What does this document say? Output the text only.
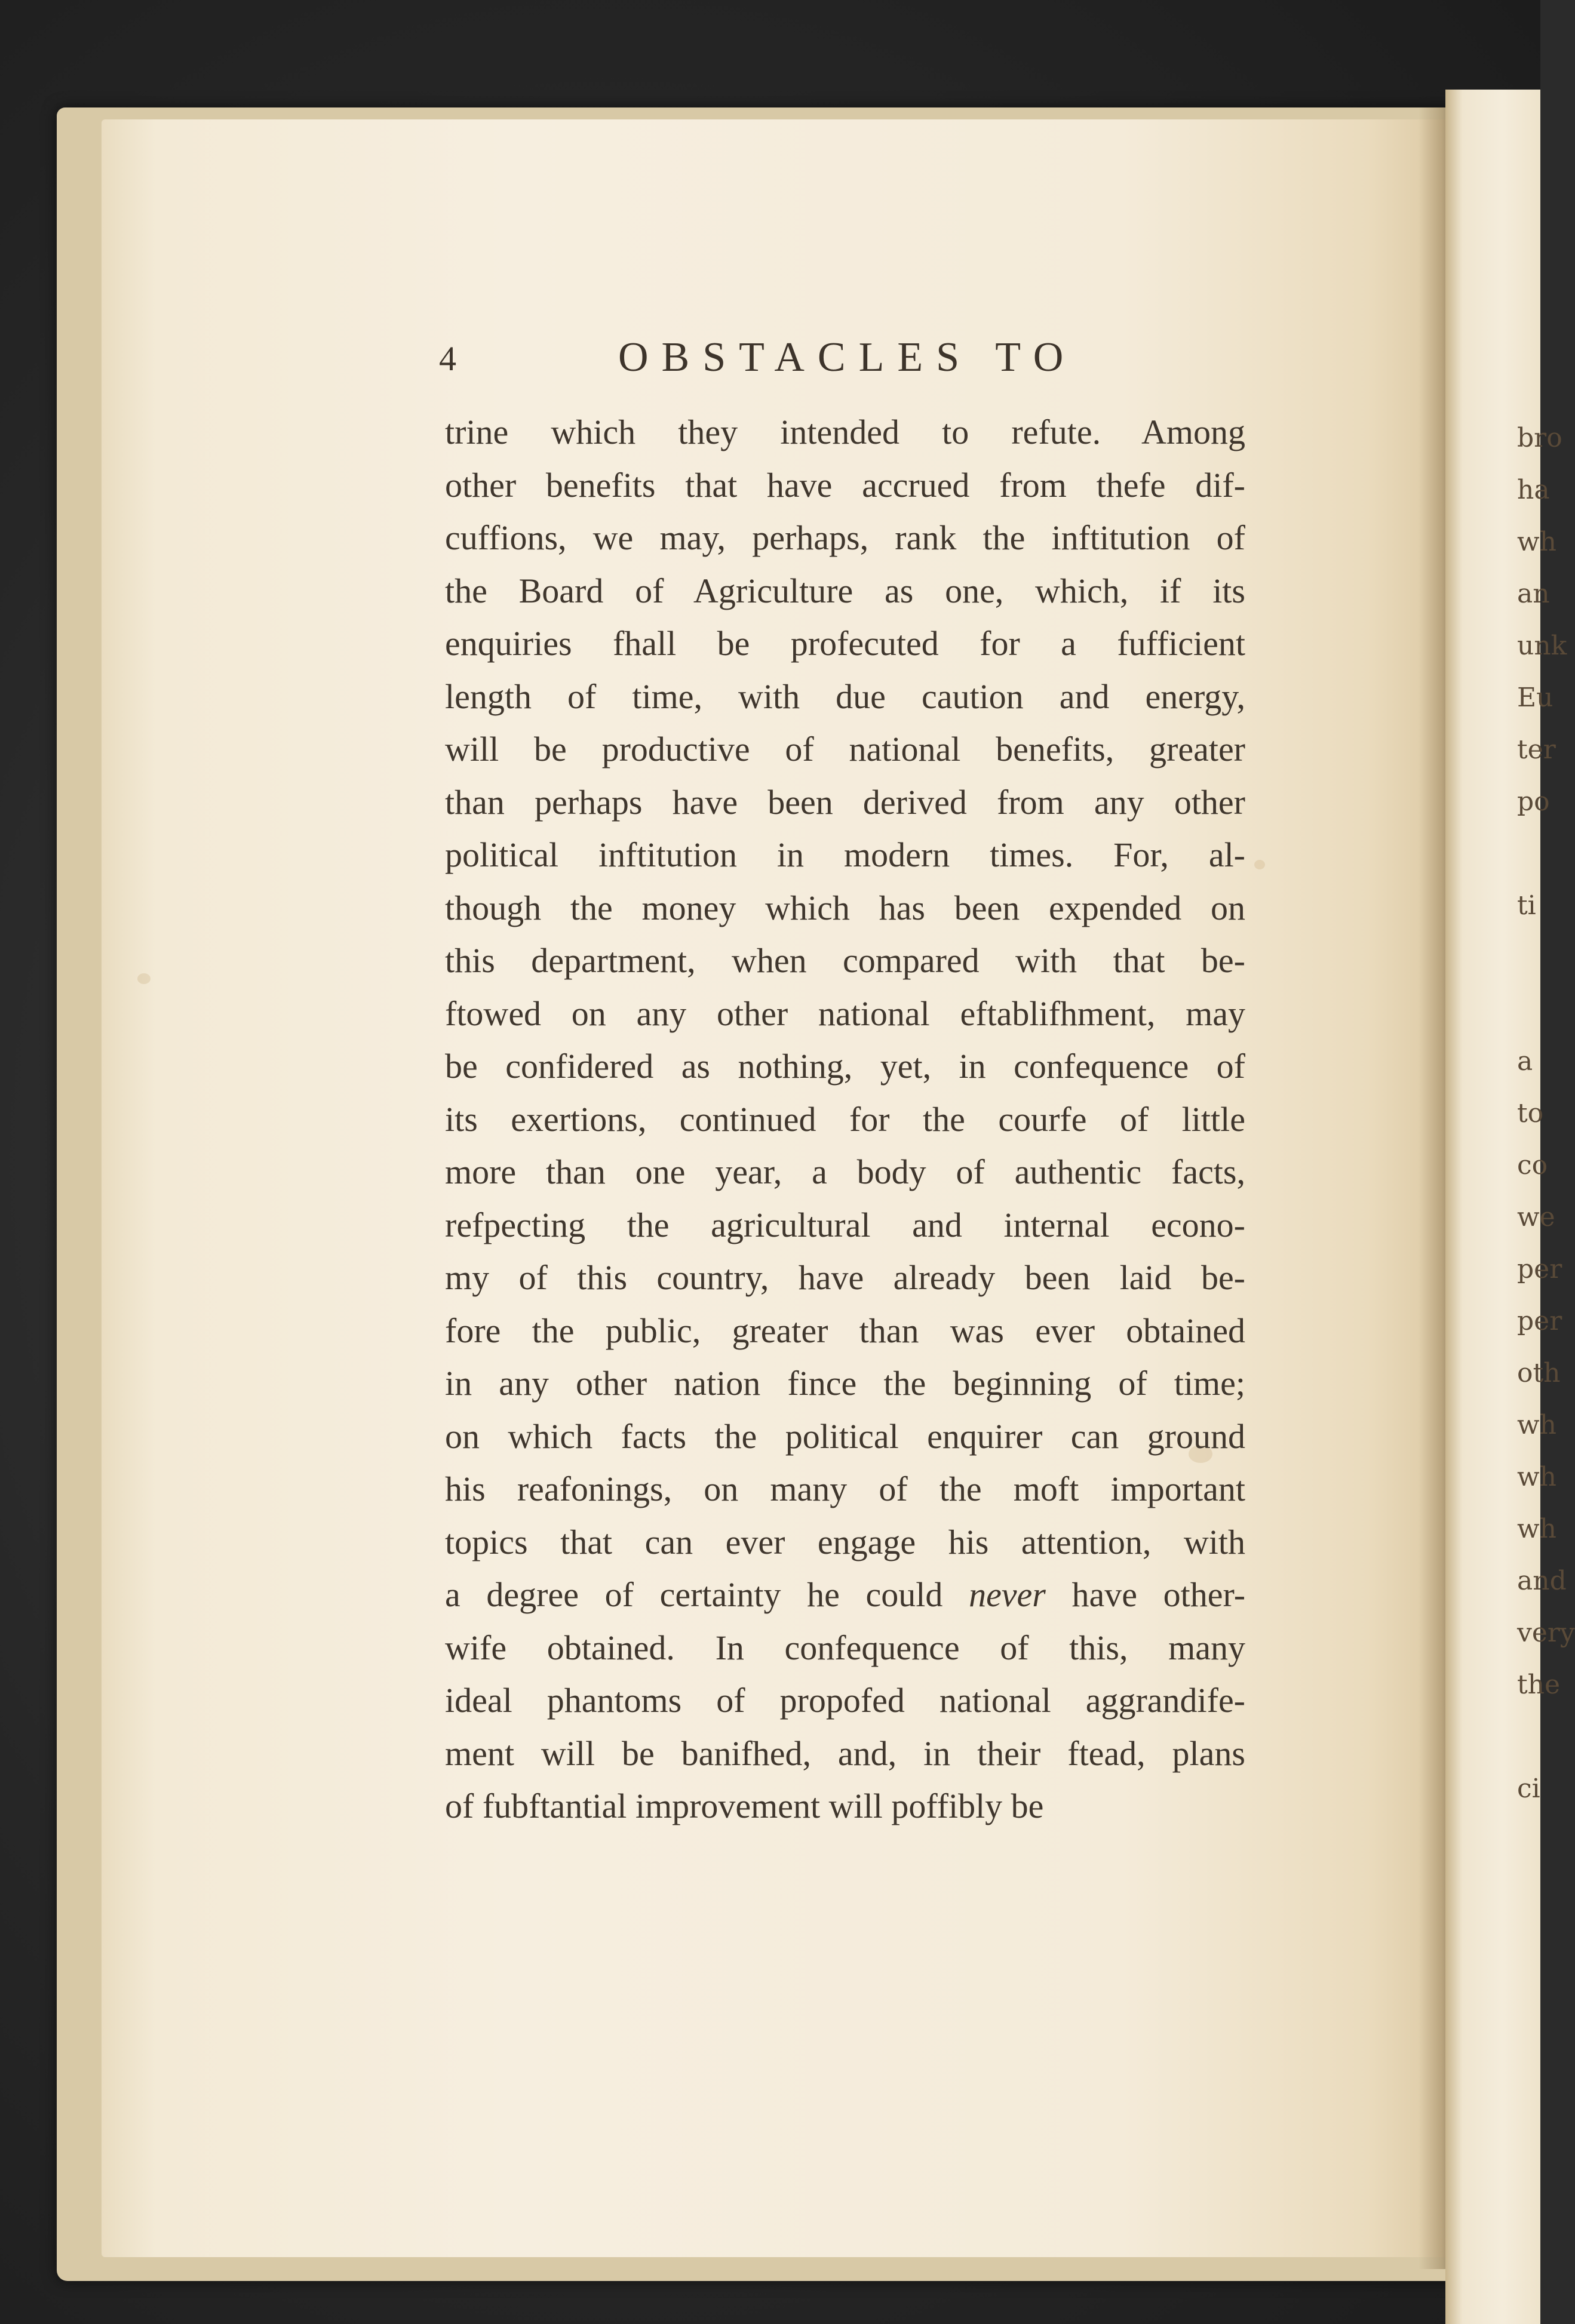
bro
ha
wh
an
unk
Eu
ter
po
ti
a
to
co
we
per
per
oth
wh
wh
wh
and
very
the
ci
4	OBSTACLES TO
trine which they intended to refute. Among
other benefits that have accrued from thefe dif-
cuffions, we may, perhaps, rank the inftitution of
the Board of Agriculture as one, which, if its
enquiries fhall be profecuted for a fufficient
length of time, with due caution and energy,
will be productive of national benefits, greater
than perhaps have been derived from any other
political inftitution in modern times. For, al-
though the money which has been expended on
this department, when compared with that be-
ftowed on any other national eftablifhment, may
be confidered as nothing, yet, in confequence of
its exertions, continued for the courfe of little
more than one year, a body of authentic facts,
refpecting the agricultural and internal econo-
my of this country, have already been laid be-
fore the public, greater than was ever obtained
in any other nation fince the beginning of time;
on which facts the political enquirer can ground
his reafonings, on many of the moft important
topics that can ever engage his attention, with
a degree of certainty he could never have other-
wife obtained. In confequence of this, many
ideal phantoms of propofed national aggrandife-
ment will be banifhed, and, in their ftead, plans
of fubftantial improvement will poffibly be
